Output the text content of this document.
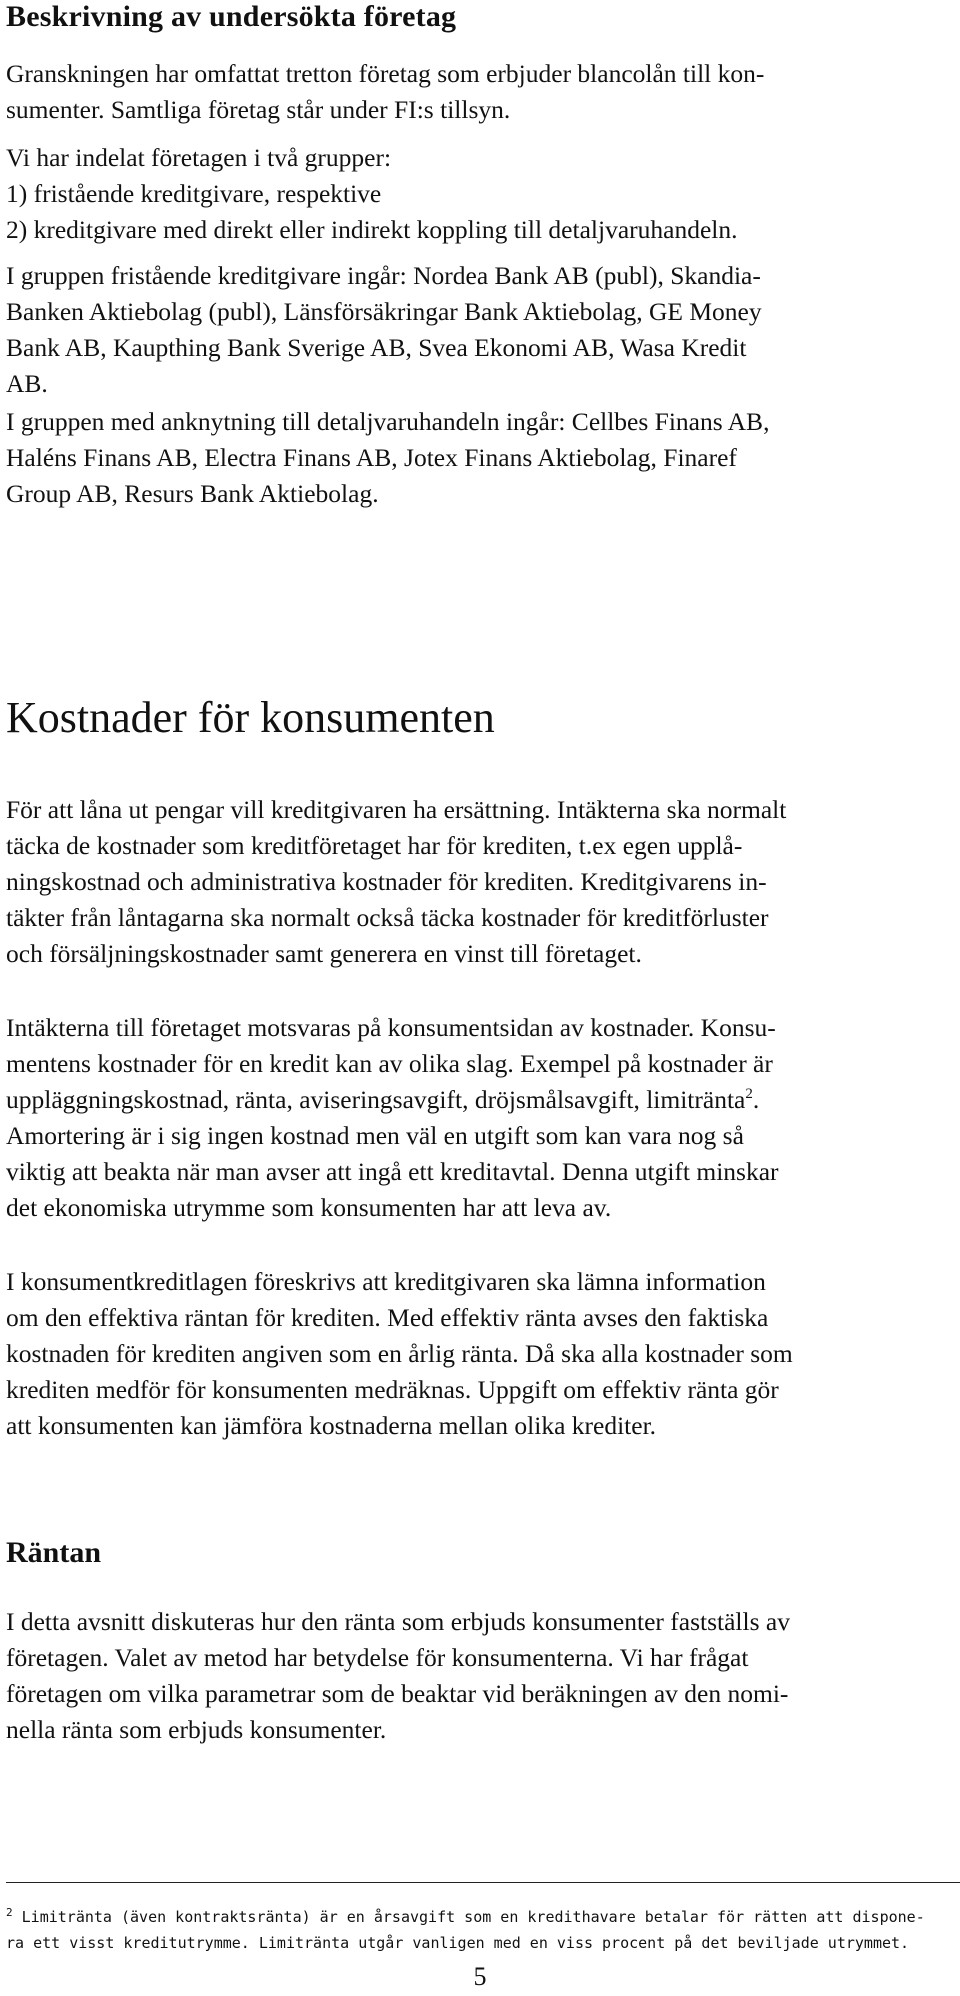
Beskrivning av undersökta företag

Granskningen har omfattat tretton företag som erbjuder blancolån till kon-
sumenter. Samtliga företag står under FI:s tillsyn.

Vi har indelat företagen i två grupper:
1) fristående kreditgivare, respektive
2) kreditgivare med direkt eller indirekt koppling till detaljvaruhandeln.

I gruppen fristående kreditgivare ingår: Nordea Bank AB (publ), Skandia-
Banken Aktiebolag (publ), Länsförsäkringar Bank Aktiebolag, GE Money
Bank AB, Kaupthing Bank Sverige AB, Svea Ekonomi AB, Wasa Kredit
AB.

I gruppen med anknytning till detaljvaruhandeln ingår: Cellbes Finans AB,
Haléns Finans AB, Electra Finans AB, Jotex Finans Aktiebolag, Finaref
Group AB, Resurs Bank Aktiebolag.

Kostnader för konsumenten

För att låna ut pengar vill kreditgivaren ha ersättning. Intäkterna ska normalt
täcka de kostnader som kreditföretaget har för krediten, t.ex egen upplå-
ningskostnad och administrativa kostnader för krediten. Kreditgivarens in-
täkter från låntagarna ska normalt också täcka kostnader för kreditförluster
och försäljningskostnader samt generera en vinst till företaget.

Intäkterna till företaget motsvaras på konsumentsidan av kostnader. Konsu-
mentens kostnader för en kredit kan av olika slag. Exempel på kostnader är
uppläggningskostnad, ränta, aviseringsavgift, dröjsmålsavgift, limitränta$^2$.
Amortering är i sig ingen kostnad men väl en utgift som kan vara nog så
viktig att beakta när man avser att ingå ett kreditavtal. Denna utgift minskar
det ekonomiska utrymme som konsumenten har att leva av.

I konsumentkreditlagen föreskrivs att kreditgivaren ska lämna information
om den effektiva räntan för krediten. Med effektiv ränta avses den faktiska
kostnaden för krediten angiven som en årlig ränta. Då ska alla kostnader som
krediten medför för konsumenten medräknas. Uppgift om effektiv ränta gör
att konsumenten kan jämföra kostnaderna mellan olika krediter.

Räntan

I detta avsnitt diskuteras hur den ränta som erbjuds konsumenter fastställs av
företagen. Valet av metod har betydelse för konsumenterna. Vi har frågat
företagen om vilka parametrar som de beaktar vid beräkningen av den nomi-
nella ränta som erbjuds konsumenter.

$^2$ Limitränta (även kontraktsränta) är en årsavgift som en kredithavare betalar för rätten att dispone-
ra ett visst kreditutrymme. Limitränta utgår vanligen med en viss procent på det beviljade utrymmet.

5
